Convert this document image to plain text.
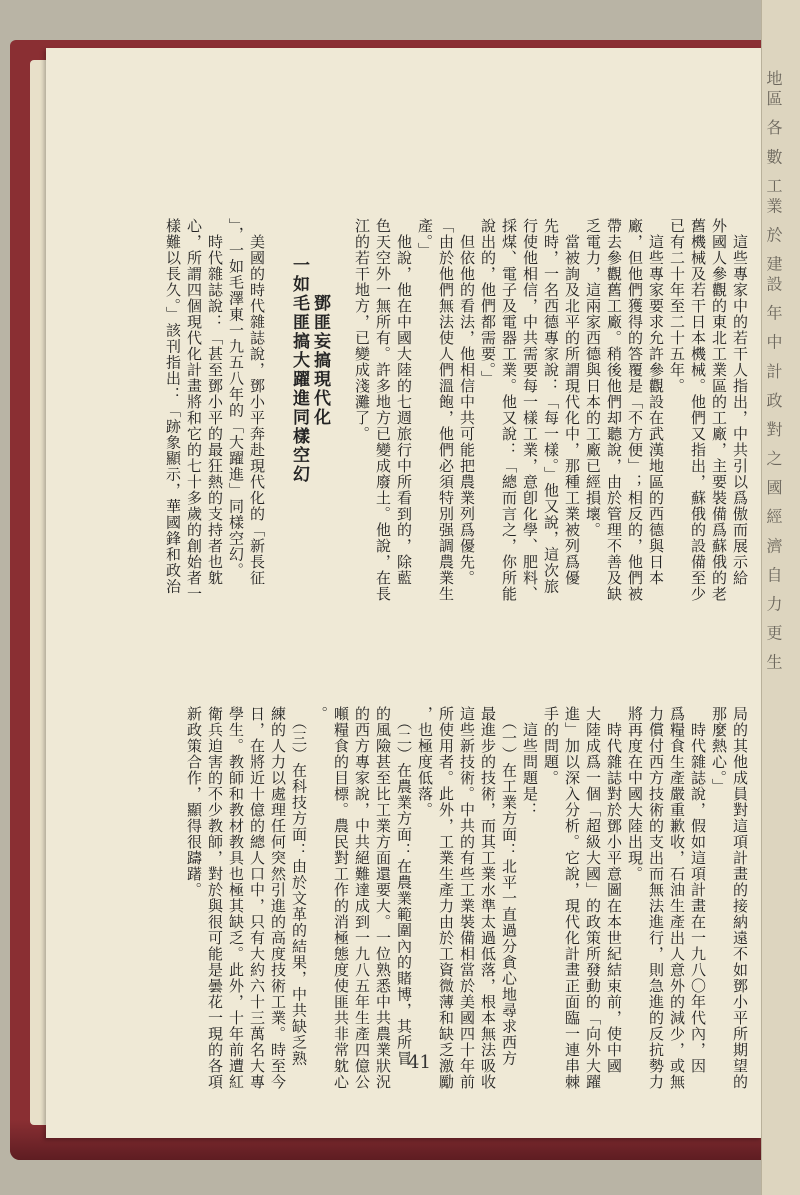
　這些專家中的若干人指出，中共引以爲傲而展示給
外國人參觀的東北工業區的工廠，主要裝備爲蘇俄的老
舊機械及若干日本機械。他們又指出，蘇俄的設備至少
已有二十年至二十五年。
　這些專家要求允許參觀設在武漢地區的西德與日本
廠，但他們獲得的答覆是「不方便」；相反的，他們被
帶去參觀舊工廠。稍後他們却聽說，由於管理不善及缺
乏電力，這兩家西德與日本的工廠已經損壞。
　當被詢及北平的所謂現代化中，那種工業被列爲優
先時，一名西德專家說：「每一樣。」他又說，這次旅
行使他相信，中共需要每一樣工業，意卽化學、肥料、
採煤、電子及電器工業。他又說：「總而言之，你所能
說出的，他們都需要。」
　但依他的看法，他相信中共可能把農業列爲優先。
「由於他們無法使人們溫飽，他們必須特別强調農業生
產。」
　他說，他在中國大陸的七週旅行中所看到的，除藍
色天空外一無所有。許多地方已變成廢土。他說，在長
江的若干地方，已變成淺灘了。

　　　　鄧匪妄搞現代化
　　一如毛匪搞大躍進同樣空幻

　美國的時代雜誌說，鄧小平奔赴現代化的「新長征
」，一如毛澤東一九五八年的「大躍進」同樣空幻。
　時代雜誌說：「甚至鄧小平的最狂熱的支持者也躭
心，所謂四個現代化計畫將和它的七十多歲的創始者一
樣難以長久。」該刊指出：「跡象顯示，華國鋒和政治
局的其他成員對這項計畫的接納遠不如鄧小平所期望的
那麼熱心。」
　時代雜誌說，假如這項計畫在一九八〇年代內，因
爲糧食生產嚴重歉收，石油生產出人意外的減少，或無
力償付西方技術的支出而無法進行，則急進的反抗勢力
將再度在中國大陸出現。
　時代雜誌對於鄧小平意圖在本世紀結束前，使中國
大陸成爲一個「超級大國」的政策所發動的「向外大躍
進」加以深入分析。它說，現代化計畫正面臨一連串棘
手的問題。
　這些問題是：
　（一）在工業方面：北平一直過分貪心地尋求西方
最進步的技術，而其工業水準太過低落，根本無法吸收
這些新技術。中共的有些工業裝備相當於美國四十年前
所使用者。此外，工業生產力由於工資微薄和缺乏激勵
，也極度低落。
　（二）在農業方面：在農業範圍內的賭博，其所冒
的風險甚至比工業方面還要大。一位熟悉中共農業狀況
的西方專家說，中共絕難達成到一九八五年生產四億公
噸糧食的目標。農民對工作的消極態度使匪共非常躭心
。
　（三）在科技方面：由於文革的結果，中共缺乏熟
練的人力以處理任何突然引進的高度技術工業。時至今
日，在將近十億的總人口中，只有大約六十三萬名大專
學生。教師和教材教具也極其缺乏。此外，十年前遭紅
衛兵迫害的不少教師，對於與很可能是曇花一現的各項
新政策合作，顯得很躊躇。
41
地區 各 數 工業 於 建設 年 中 計 政 對 之 國 經 濟 自 力 更 生
